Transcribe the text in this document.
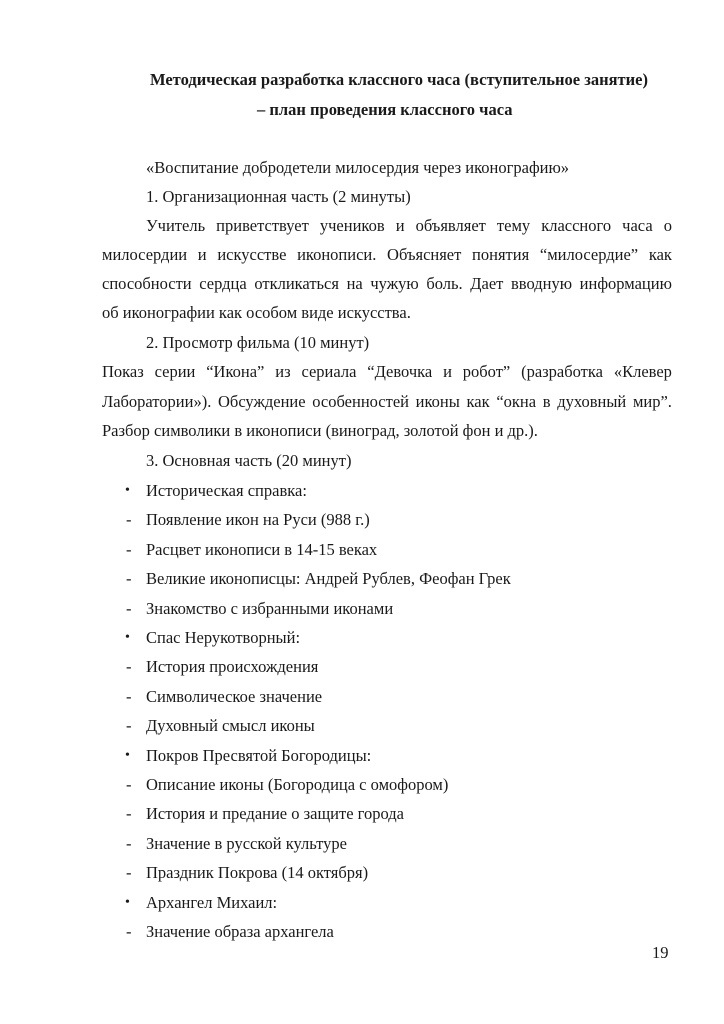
Методическая разработка классного часа (вступительное занятие)
– план проведения классного часа
«Воспитание добродетели милосердия через иконографию»
1. Организационная часть (2 минуты)
Учитель приветствует учеников и объявляет тему классного часа о
милосердии и искусстве иконописи. Объясняет понятия “милосердие” как
способности сердца откликаться на чужую боль. Дает вводную информацию
об иконографии как особом виде искусства.
2. Просмотр фильма (10 минут)
Показ серии “Икона” из сериала “Девочка и робот” (разработка «Клевер
Лаборатории»). Обсуждение особенностей иконы как “окна в духовный мир”.
Разбор символики в иконописи (виноград, золотой фон и др.).
3. Основная часть (20 минут)
• Историческая справка:
- Появление икон на Руси (988 г.)
- Расцвет иконописи в 14-15 веках
- Великие иконописцы: Андрей Рублев, Феофан Грек
- Знакомство с избранными иконами
• Спас Нерукотворный:
- История происхождения
- Символическое значение
- Духовный смысл иконы
• Покров Пресвятой Богородицы:
- Описание иконы (Богородица с омофором)
- История и предание о защите города
- Значение в русской культуре
- Праздник Покрова (14 октября)
• Архангел Михаил:
- Значение образа архангела
19
